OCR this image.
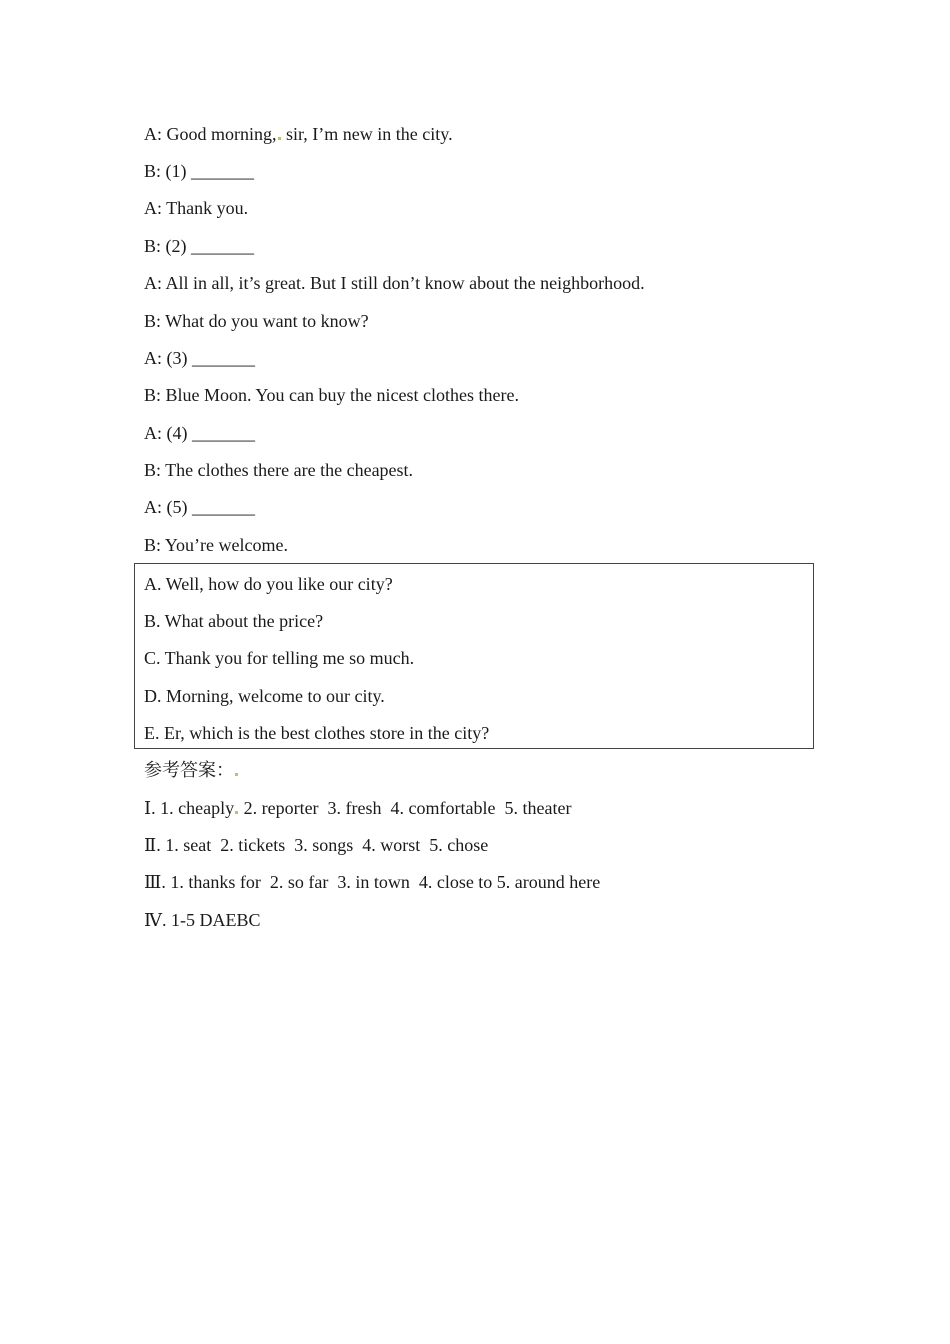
A: Good morning, sir, I’m new in the city.
B: (1) _______
A: Thank you.
B: (2) _______
A: All in all, it’s great. But I still don’t know about the neighborhood.
B: What do you want to know?
A: (3) _______
B: Blue Moon. You can buy the nicest clothes there.
A: (4) _______
B: The clothes there are the cheapest.
A: (5) _______
B: You’re welcome.
A. Well, how do you like our city?
B. What about the price?
C. Thank you for telling me so much.
D. Morning, welcome to our city.
E. Er, which is the best clothes store in the city?
参考答案：
Ⅰ. 1. cheaply 2. reporter  3. fresh  4. comfortable  5. theater
Ⅱ. 1. seat  2. tickets  3. songs  4. worst  5. chose
Ⅲ. 1. thanks for  2. so far  3. in town  4. close to 5. around here
Ⅳ. 1-5 DAEBC
